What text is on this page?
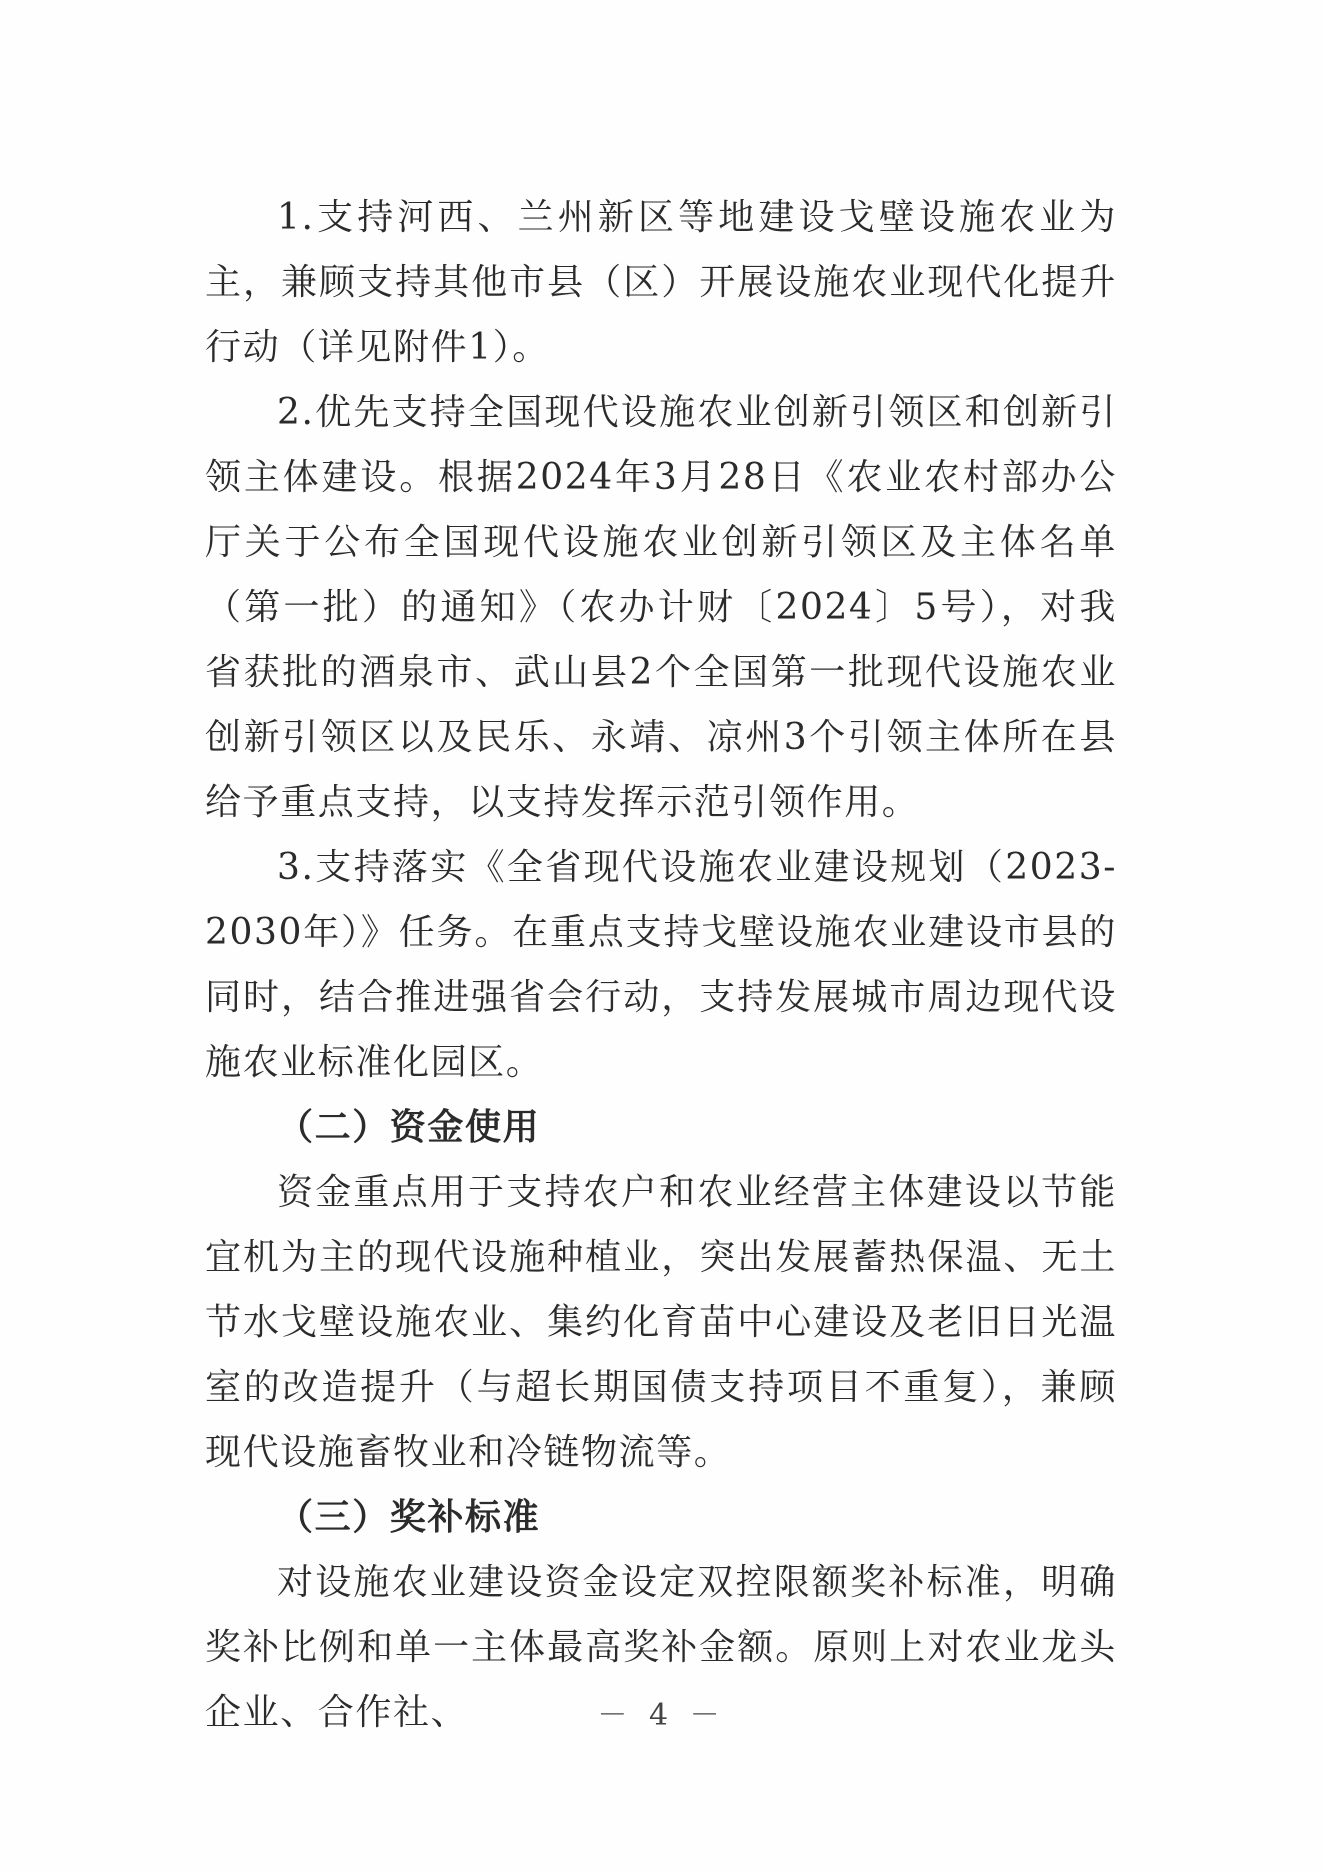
1.支持河西、兰州新区等地建设戈壁设施农业为主，兼顾支持其他市县（区）开展设施农业现代化提升行动（详见附件1）。

2.优先支持全国现代设施农业创新引领区和创新引领主体建设。根据2024年3月28日《农业农村部办公厅关于公布全国现代设施农业创新引领区及主体名单（第一批）的通知》（农办计财〔2024〕5号），对我省获批的酒泉市、武山县2个全国第一批现代设施农业创新引领区以及民乐、永靖、凉州3个引领主体所在县给予重点支持，以支持发挥示范引领作用。

3.支持落实《全省现代设施农业建设规划（2023-2030年）》任务。在重点支持戈壁设施农业建设市县的同时，结合推进强省会行动，支持发展城市周边现代设施农业标准化园区。

（二）资金使用

资金重点用于支持农户和农业经营主体建设以节能宜机为主的现代设施种植业，突出发展蓄热保温、无土节水戈壁设施农业、集约化育苗中心建设及老旧日光温室的改造提升（与超长期国债支持项目不重复），兼顾现代设施畜牧业和冷链物流等。

（三）奖补标准

对设施农业建设资金设定双控限额奖补标准，明确奖补比例和单一主体最高奖补金额。原则上对农业龙头企业、合作社、	－ 4 －
